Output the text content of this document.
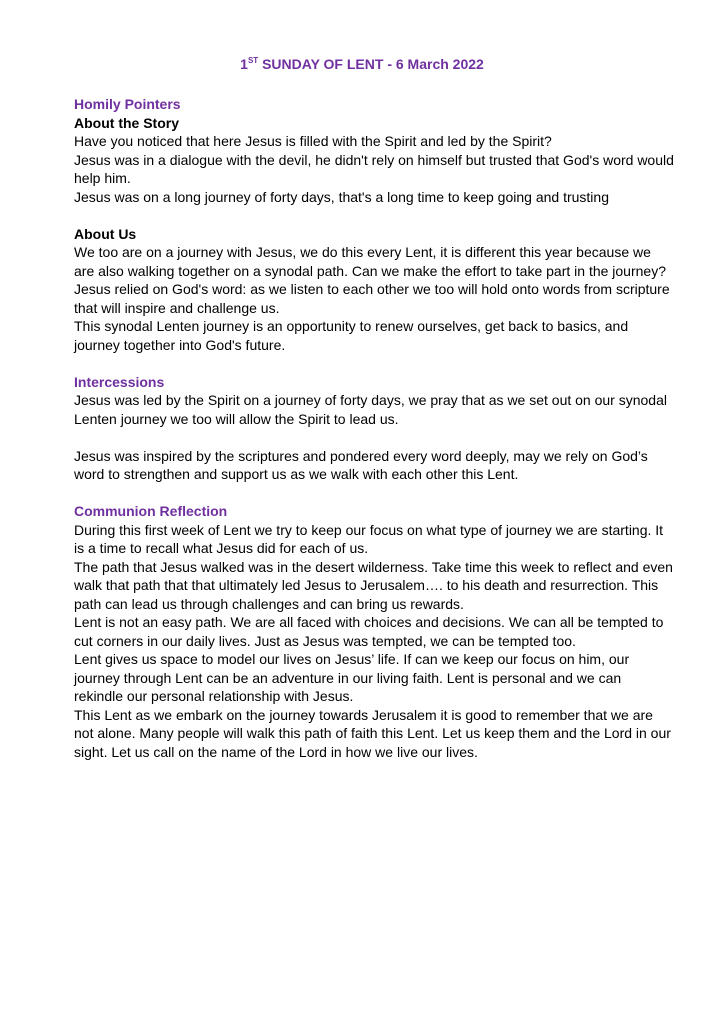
1ST SUNDAY OF LENT - 6 March 2022

Homily Pointers

About the Story

Have you noticed that here Jesus is filled with the Spirit and led by the Spirit?

Jesus was in a dialogue with the devil, he didn't rely on himself but trusted that God's word would help him.

Jesus was on a long journey of forty days, that's a long time to keep going and trusting

About Us

We too are on a journey with Jesus, we do this every Lent, it is different this year because we are also walking together on a synodal path. Can we make the effort to take part in the journey?

Jesus relied on God's word: as we listen to each other we too will hold onto words from scripture that will inspire and challenge us.

This synodal Lenten journey is an opportunity to renew ourselves, get back to basics, and journey together into God's future.

Intercessions

Jesus was led by the Spirit on a journey of forty days, we pray that as we set out on our synodal Lenten journey we too will allow the Spirit to lead us.

Jesus was inspired by the scriptures and pondered every word deeply, may we rely on God’s word to strengthen and support us as we walk with each other this Lent.

Communion Reflection

During this first week of Lent we try to keep our focus on what type of journey we are starting. It is a time to recall what Jesus did for each of us.

The path that Jesus walked was in the desert wilderness. Take time this week to reflect and even walk that path that that ultimately led Jesus to Jerusalem…. to his death and resurrection. This path can lead us through challenges and can bring us rewards.

Lent is not an easy path. We are all faced with choices and decisions. We can all be tempted to cut corners in our daily lives. Just as Jesus was tempted, we can be tempted too.

Lent gives us space to model our lives on Jesus’ life. If can we keep our focus on him, our journey through Lent can be an adventure in our living faith. Lent is personal and we can rekindle our personal relationship with Jesus.

This Lent as we embark on the journey towards Jerusalem it is good to remember that we are not alone. Many people will walk this path of faith this Lent. Let us keep them and the Lord in our sight. Let us call on the name of the Lord in how we live our lives.
